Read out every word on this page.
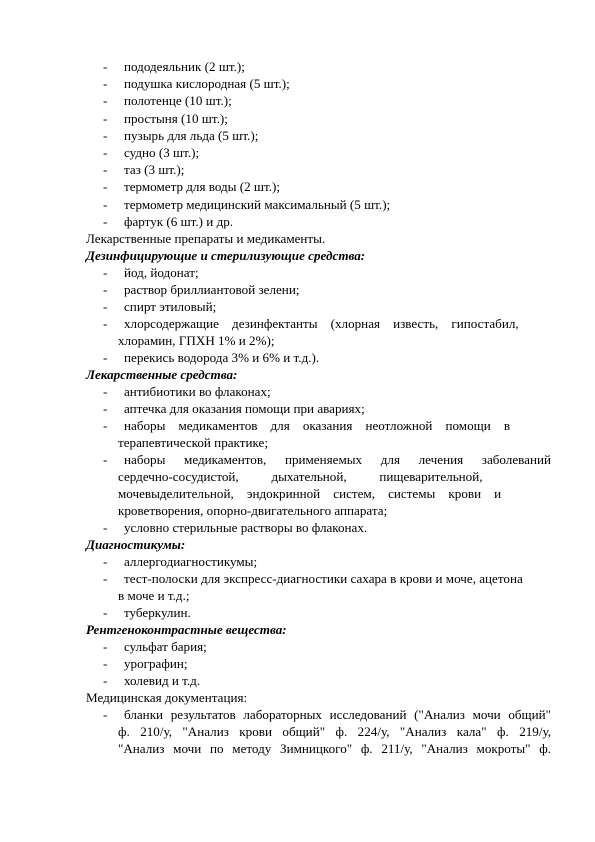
- пододеяльник (2 шт.);
- подушка кислородная (5 шт.);
- полотенце (10 шт.);
- простыня (10 шт.);
- пузырь для льда (5 шт.);
- судно (3 шт.);
- таз (3 шт.);
- термометр для воды (2 шт.);
- термометр медицинский максимальный (5 шт.);
- фартук (6 шт.) и др.
Лекарственные препараты и медикаменты.
Дезинфицирующие и стерилизующие средства:
- йод, йодонат;
- раствор бриллиантовой зелени;
- спирт этиловый;
- хлорсодержащие    дезинфектанты    (хлорная    известь,    гипостабил,
хлорамин, ГПХН 1% и 2%);
- перекись водорода 3% и 6% и т.д.).
Лекарственные средства:
- антибиотики во флаконах;
- аптечка для оказания помощи при авариях;
- наборы    медикаментов    для    оказания    неотложной    помощи    в
терапевтической практике;
- наборы медикаментов, применяемых для лечения заболеваний
сердечно-сосудистой,          дыхательной,          пищеварительной,
мочевыделительной,    эндокринной    систем,    системы    крови    и
кроветворения, опорно-двигательного аппарата;
- условно стерильные растворы во флаконах.
Диагностикумы:
- аллергодиагностикумы;
- тест-полоски для экспресс-диагностики сахара в крови и моче, ацетона
в моче и т.д.;
- туберкулин.
Рентгеноконтрастные вещества:
- сульфат бария;
- урографин;
- холевид и т.д.
Медицинская документация:
- бланки результатов лабораторных исследований ("Анализ мочи общий"
ф. 210/у, "Анализ крови общий" ф. 224/у, "Анализ кала" ф. 219/у,
"Анализ мочи по методу Зимницкого" ф. 211/у, "Анализ мокроты" ф.
